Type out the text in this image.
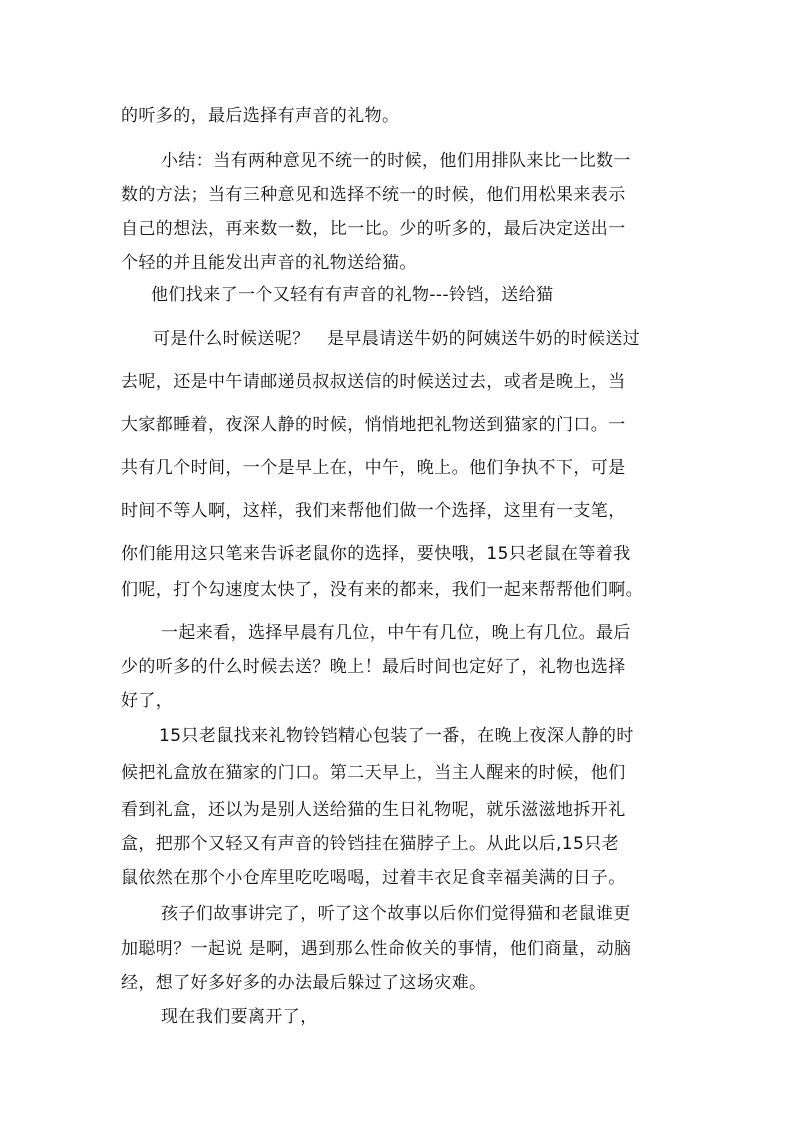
的听多的，最后选择有声音的礼物。

小结：当有两种意见不统一的时候，他们用排队来比一比数一

数的方法；当有三种意见和选择不统一的时候，他们用松果来表示

自己的想法，再来数一数，比一比。少的听多的，最后决定送出一

个轻的并且能发出声音的礼物送给猫。

他们找来了一个又轻有有声音的礼物---铃铛，送给猫

可是什么时候送呢？　是早晨请送牛奶的阿姨送牛奶的时候送过

去呢，还是中午请邮递员叔叔送信的时候送过去，或者是晚上，当

大家都睡着，夜深人静的时候，悄悄地把礼物送到猫家的门口。一

共有几个时间，一个是早上在，中午，晚上。他们争执不下，可是

时间不等人啊，这样，我们来帮他们做一个选择，这里有一支笔，

你们能用这只笔来告诉老鼠你的选择，要快哦，15只老鼠在等着我

们呢，打个勾速度太快了，没有来的都来，我们一起来帮帮他们啊。

一起来看，选择早晨有几位，中午有几位，晚上有几位。最后

少的听多的什么时候去送？晚上！最后时间也定好了，礼物也选择

好了，

15只老鼠找来礼物铃铛精心包装了一番，在晚上夜深人静的时

候把礼盒放在猫家的门口。第二天早上，当主人醒来的时候，他们

看到礼盒，还以为是别人送给猫的生日礼物呢，就乐滋滋地拆开礼

盒，把那个又轻又有声音的铃铛挂在猫脖子上。从此以后,15只老

鼠依然在那个小仓库里吃吃喝喝，过着丰衣足食幸福美满的日子。

孩子们故事讲完了，听了这个故事以后你们觉得猫和老鼠谁更

加聪明？一起说 是啊，遇到那么性命攸关的事情，他们商量，动脑

经，想了好多好多的办法最后躲过了这场灾难。

现在我们要离开了，
